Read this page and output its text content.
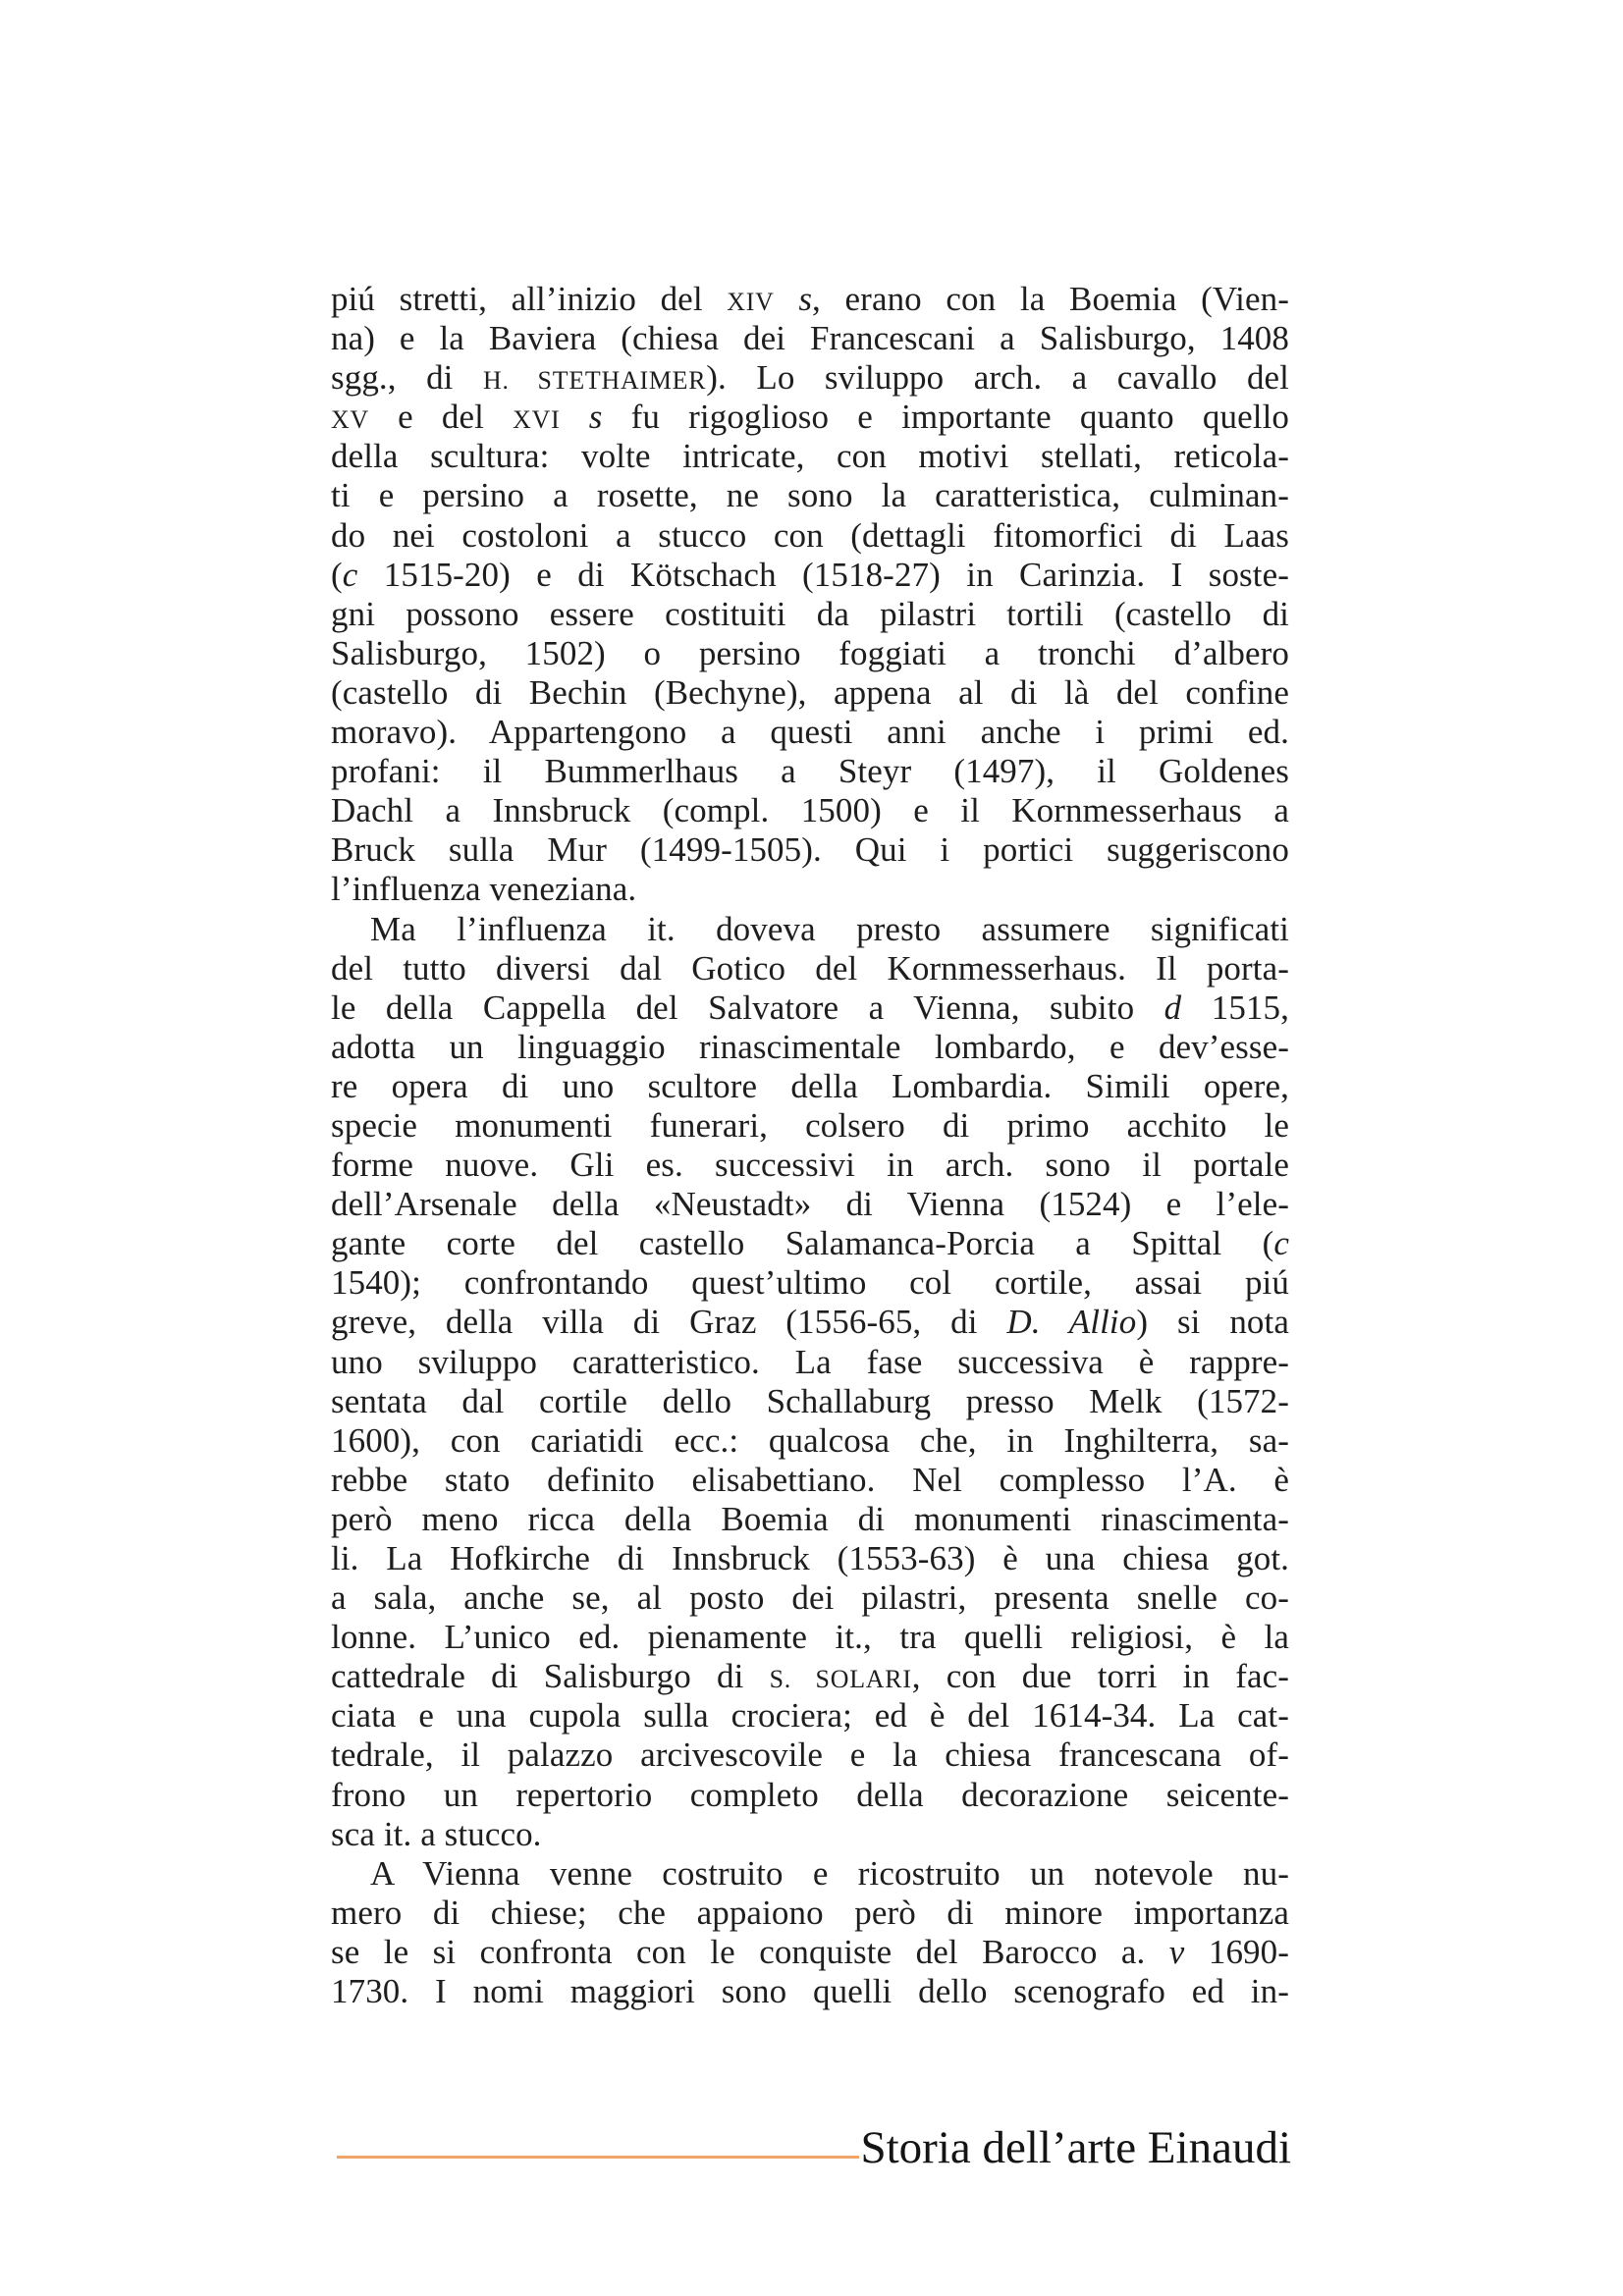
piú stretti, all’inizio del XIV s, erano con la Boemia (Vien-
na) e la Baviera (chiesa dei Francescani a Salisburgo, 1408
sgg., di H. STETHAIMER). Lo sviluppo arch. a cavallo del
XV e del XVI s fu rigoglioso e importante quanto quello
della scultura: volte intricate, con motivi stellati, reticola-
ti e persino a rosette, ne sono la caratteristica, culminan-
do nei costoloni a stucco con (dettagli fitomorfici di Laas
(c 1515-20) e di Kötschach (1518-27) in Carinzia. I soste-
gni possono essere costituiti da pilastri tortili (castello di
Salisburgo, 1502) o persino foggiati a tronchi d’albero
(castello di Bechin (Bechyne), appena al di là del confine
moravo). Appartengono a questi anni anche i primi ed.
profani: il Bummerlhaus a Steyr (1497), il Goldenes
Dachl a Innsbruck (compl. 1500) e il Kornmesserhaus a
Bruck sulla Mur (1499-1505). Qui i portici suggeriscono
l’influenza veneziana.
Ma l’influenza it. doveva presto assumere significati
del tutto diversi dal Gotico del Kornmesserhaus. Il porta-
le della Cappella del Salvatore a Vienna, subito d 1515,
adotta un linguaggio rinascimentale lombardo, e dev’esse-
re opera di uno scultore della Lombardia. Simili opere,
specie monumenti funerari, colsero di primo acchito le
forme nuove. Gli es. successivi in arch. sono il portale
dell’Arsenale della «Neustadt» di Vienna (1524) e l’ele-
gante corte del castello Salamanca-Porcia a Spittal (c
1540); confrontando quest’ultimo col cortile, assai piú
greve, della villa di Graz (1556-65, di D. Allio) si nota
uno sviluppo caratteristico. La fase successiva è rappre-
sentata dal cortile dello Schallaburg presso Melk (1572-
1600), con cariatidi ecc.: qualcosa che, in Inghilterra, sa-
rebbe stato definito elisabettiano. Nel complesso l’A. è
però meno ricca della Boemia di monumenti rinascimenta-
li. La Hofkirche di Innsbruck (1553-63) è una chiesa got.
a sala, anche se, al posto dei pilastri, presenta snelle co-
lonne. L’unico ed. pienamente it., tra quelli religiosi, è la
cattedrale di Salisburgo di S. SOLARI, con due torri in fac-
ciata e una cupola sulla crociera; ed è del 1614-34. La cat-
tedrale, il palazzo arcivescovile e la chiesa francescana of-
frono un repertorio completo della decorazione seicente-
sca it. a stucco.
A Vienna venne costruito e ricostruito un notevole nu-
mero di chiese; che appaiono però di minore importanza
se le si confronta con le conquiste del Barocco a. v 1690-
1730. I nomi maggiori sono quelli dello scenografo ed in-
Storia dell’arte Einaudi
